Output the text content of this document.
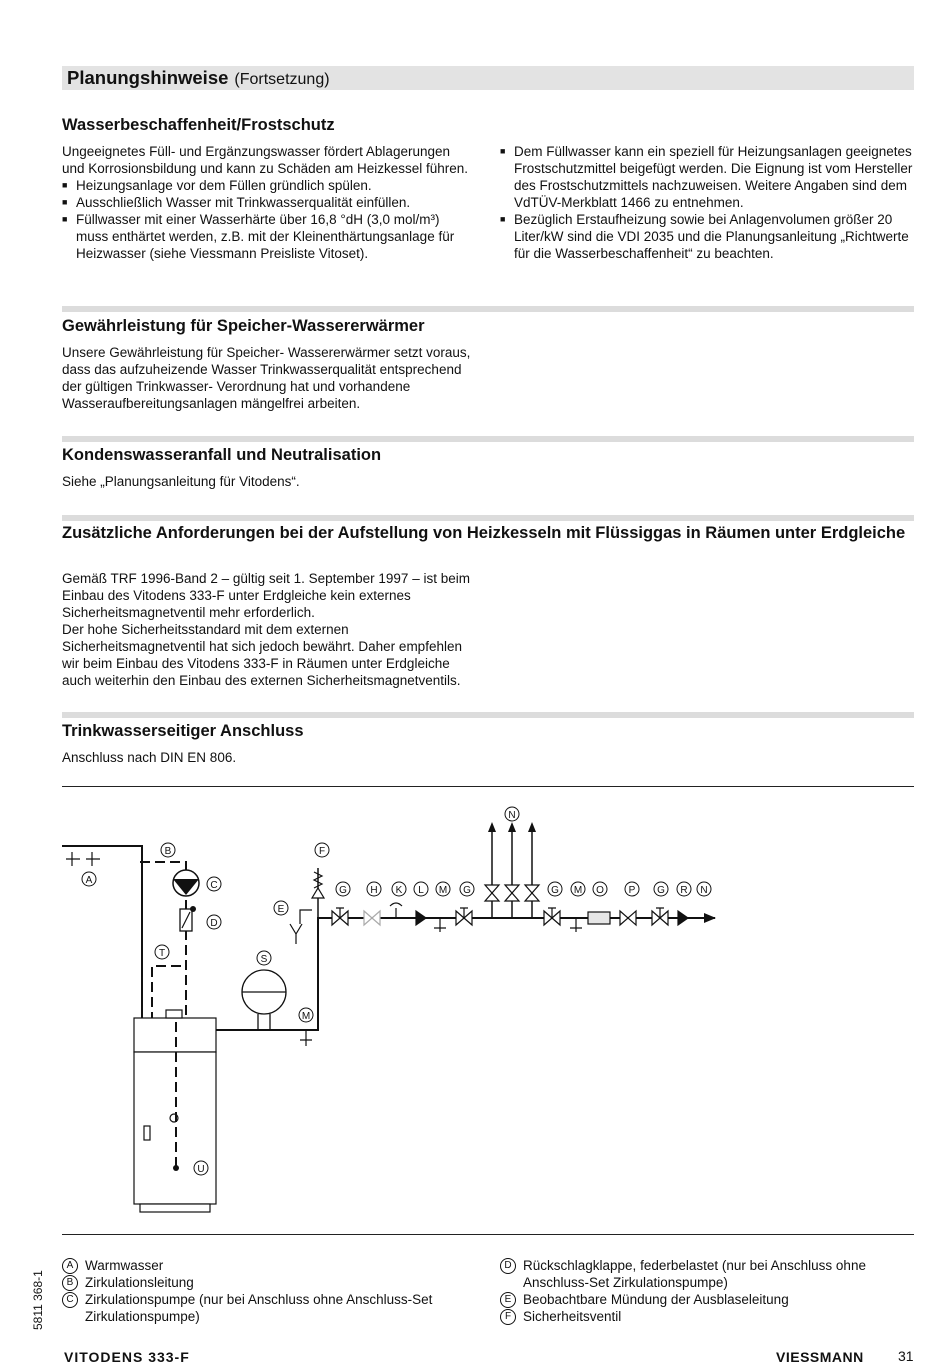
Planungshinweise (Fortsetzung)
Wasserbeschaffenheit/Frostschutz
Ungeeignetes Füll- und Ergänzungswasser fördert Ablagerungen und Korrosionsbildung und kann zu Schäden am Heizkessel führen.
■ Heizungsanlage vor dem Füllen gründlich spülen.
■ Ausschließlich Wasser mit Trinkwasserqualität einfüllen.
■ Füllwasser mit einer Wasserhärte über 16,8 °dH (3,0 mol/m³) muss enthärtet werden, z.B. mit der Kleinenthärtungsanlage für Heizwasser (siehe Viessmann Preisliste Vitoset).
■ Dem Füllwasser kann ein speziell für Heizungsanlagen geeignetes Frostschutzmittel beigefügt werden. Die Eignung ist vom Hersteller des Frostschutzmittels nachzuweisen. Weitere Angaben sind dem VdTÜV-Merkblatt 1466 zu entnehmen.
■ Bezüglich Erstaufheizung sowie bei Anlagenvolumen größer 20 Liter/kW sind die VDI 2035 und die Planungsanleitung „Richtwerte für die Wasserbeschaffenheit“ zu beachten.
Gewährleistung für Speicher-Wassererwärmer
Unsere Gewährleistung für Speicher- Wassererwärmer setzt voraus, dass das aufzuheizende Wasser Trinkwasserqualität entsprechend der gültigen Trinkwasser- Verordnung hat und vorhandene Wasseraufbereitungsanlagen mängelfrei arbeiten.
Kondenswasseranfall und Neutralisation
Siehe „Planungsanleitung für Vitodens“.
Zusätzliche Anforderungen bei der Aufstellung von Heizkesseln mit Flüssiggas in Räumen unter Erdgleiche
Gemäß TRF 1996-Band 2 – gültig seit 1. September 1997 – ist beim Einbau des Vitodens 333-F unter Erdgleiche kein externes Sicherheitsmagnetventil mehr erforderlich.
Der hohe Sicherheitsstandard mit dem externen Sicherheitsmagnetventil hat sich jedoch bewährt. Daher empfehlen wir beim Einbau des Vitodens 333-F in Räumen unter Erdgleiche auch weiterhin den Einbau des externen Sicherheitsmagnetventils.
Trinkwasserseitiger Anschluss
Anschluss nach DIN EN 806.
A
B
C
D
T
F
E
S
M
U
N
G H K L M G	G M O P G R N
A Warmwasser
B Zirkulationsleitung
C Zirkulationspumpe (nur bei Anschluss ohne Anschluss-Set Zirkulationspumpe)
D Rückschlagklappe, federbelastet (nur bei Anschluss ohne Anschluss-Set Zirkulationspumpe)
E Beobachtbare Mündung der Ausblaseleitung
F Sicherheitsventil
5811 368-1
VITODENS 333-F	VIESSMANN 31
